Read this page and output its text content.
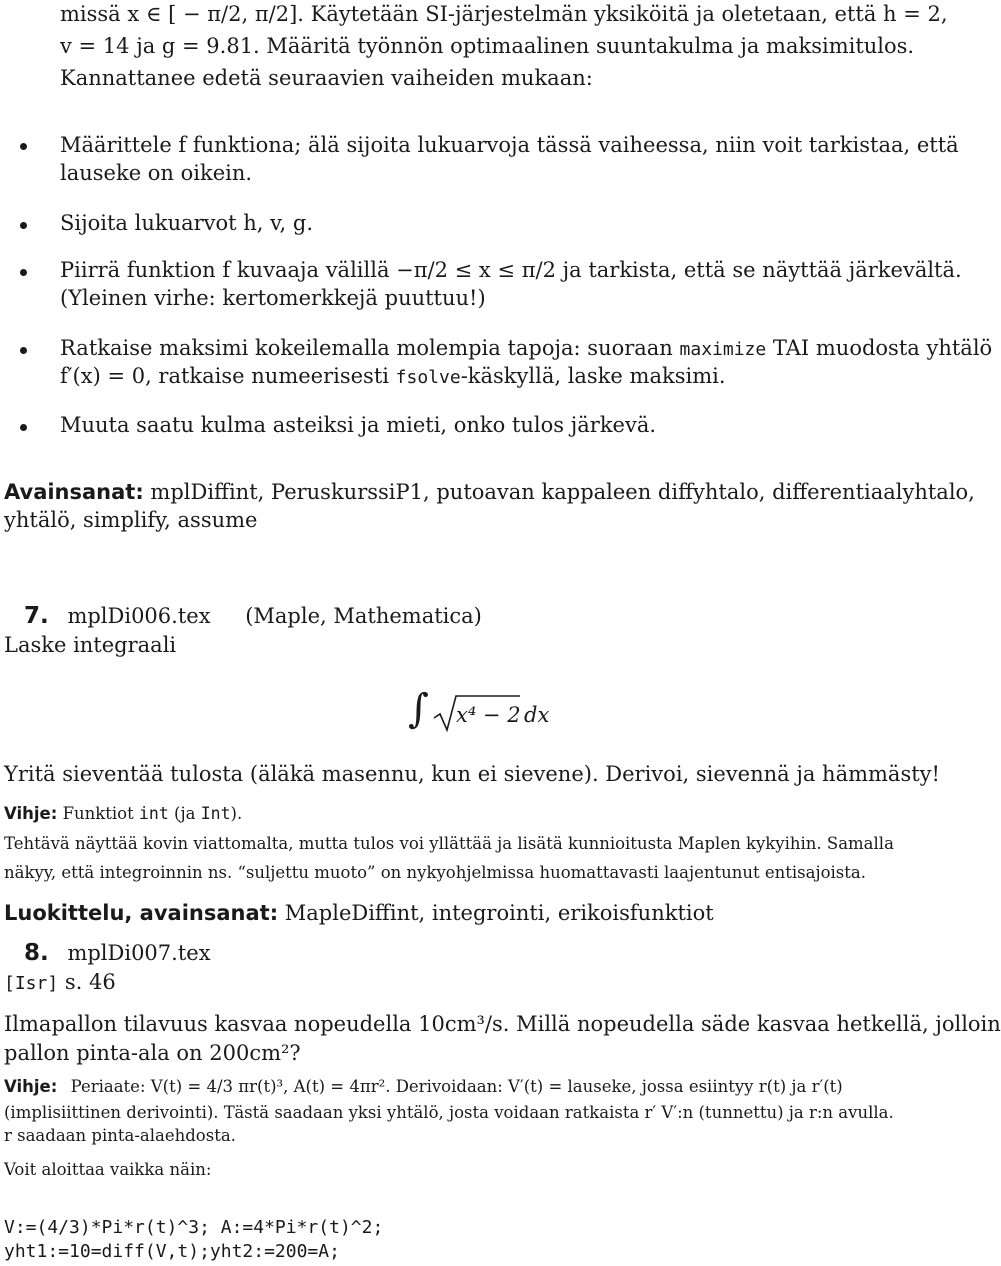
missä x ∈ [ − π/2, π/2]. Käytetään SI-järjestelmän yksiköitä ja oletetaan, että h = 2,
v = 14 ja g = 9.81. Määritä työnnön optimaalinen suuntakulma ja maksimitulos.
Kannattanee edetä seuraavien vaiheiden mukaan:
Määrittele f funktiona; älä sijoita lukuarvoja tässä vaiheessa, niin voit tarkistaa, että
lauseke on oikein.
Sijoita lukuarvot h, v, g.
Piirrä funktion f kuvaaja välillä −π/2 ≤ x ≤ π/2 ja tarkista, että se näyttää järkevältä.
(Yleinen virhe: kertomerkkejä puuttuu!)
Ratkaise maksimi kokeilemalla molempia tapoja: suoraan maximize TAI muodosta yhtälö
f′(x) = 0, ratkaise numeerisesti fsolve-käskyllä, laske maksimi.
Muuta saatu kulma asteiksi ja mieti, onko tulos järkevä.
Avainsanat: mplDiffint, PeruskurssiP1, putoavan kappaleen diffyhtalo, differentiaalyhtalo,
yhtälö, simplify, assume
7. mplDi006.tex (Maple, Mathematica)
Laske integraali
∫ x⁴ − 2 dx
Yritä sieventää tulosta (äläkä masennu, kun ei sievene). Derivoi, sievennä ja hämmästy!
Vihje: Funktiot int (ja Int).
Tehtävä näyttää kovin viattomalta, mutta tulos voi yllättää ja lisätä kunnioitusta Maplen kykyihin. Samalla
näkyy, että integroinnin ns. “suljettu muoto” on nykyohjelmissa huomattavasti laajentunut entisajoista.
Luokittelu, avainsanat: MapleDiffint, integrointi, erikoisfunktiot
8. mplDi007.tex
[Isr] s. 46
Ilmapallon tilavuus kasvaa nopeudella 10cm³/s. Millä nopeudella säde kasvaa hetkellä, jolloin
pallon pinta-ala on 200cm²?
Vihje: Periaate: V(t) = 4/3 πr(t)³, A(t) = 4πr². Derivoidaan: V′(t) = lauseke, jossa esiintyy r(t) ja r′(t)
(implisiittinen derivointi). Tästä saadaan yksi yhtälö, josta voidaan ratkaista r′ V′:n (tunnettu) ja r:n avulla.
r saadaan pinta-alaehdosta.
Voit aloittaa vaikka näin:
V:=(4/3)*Pi*r(t)^3; A:=4*Pi*r(t)^2;
yht1:=10=diff(V,t);yht2:=200=A;
